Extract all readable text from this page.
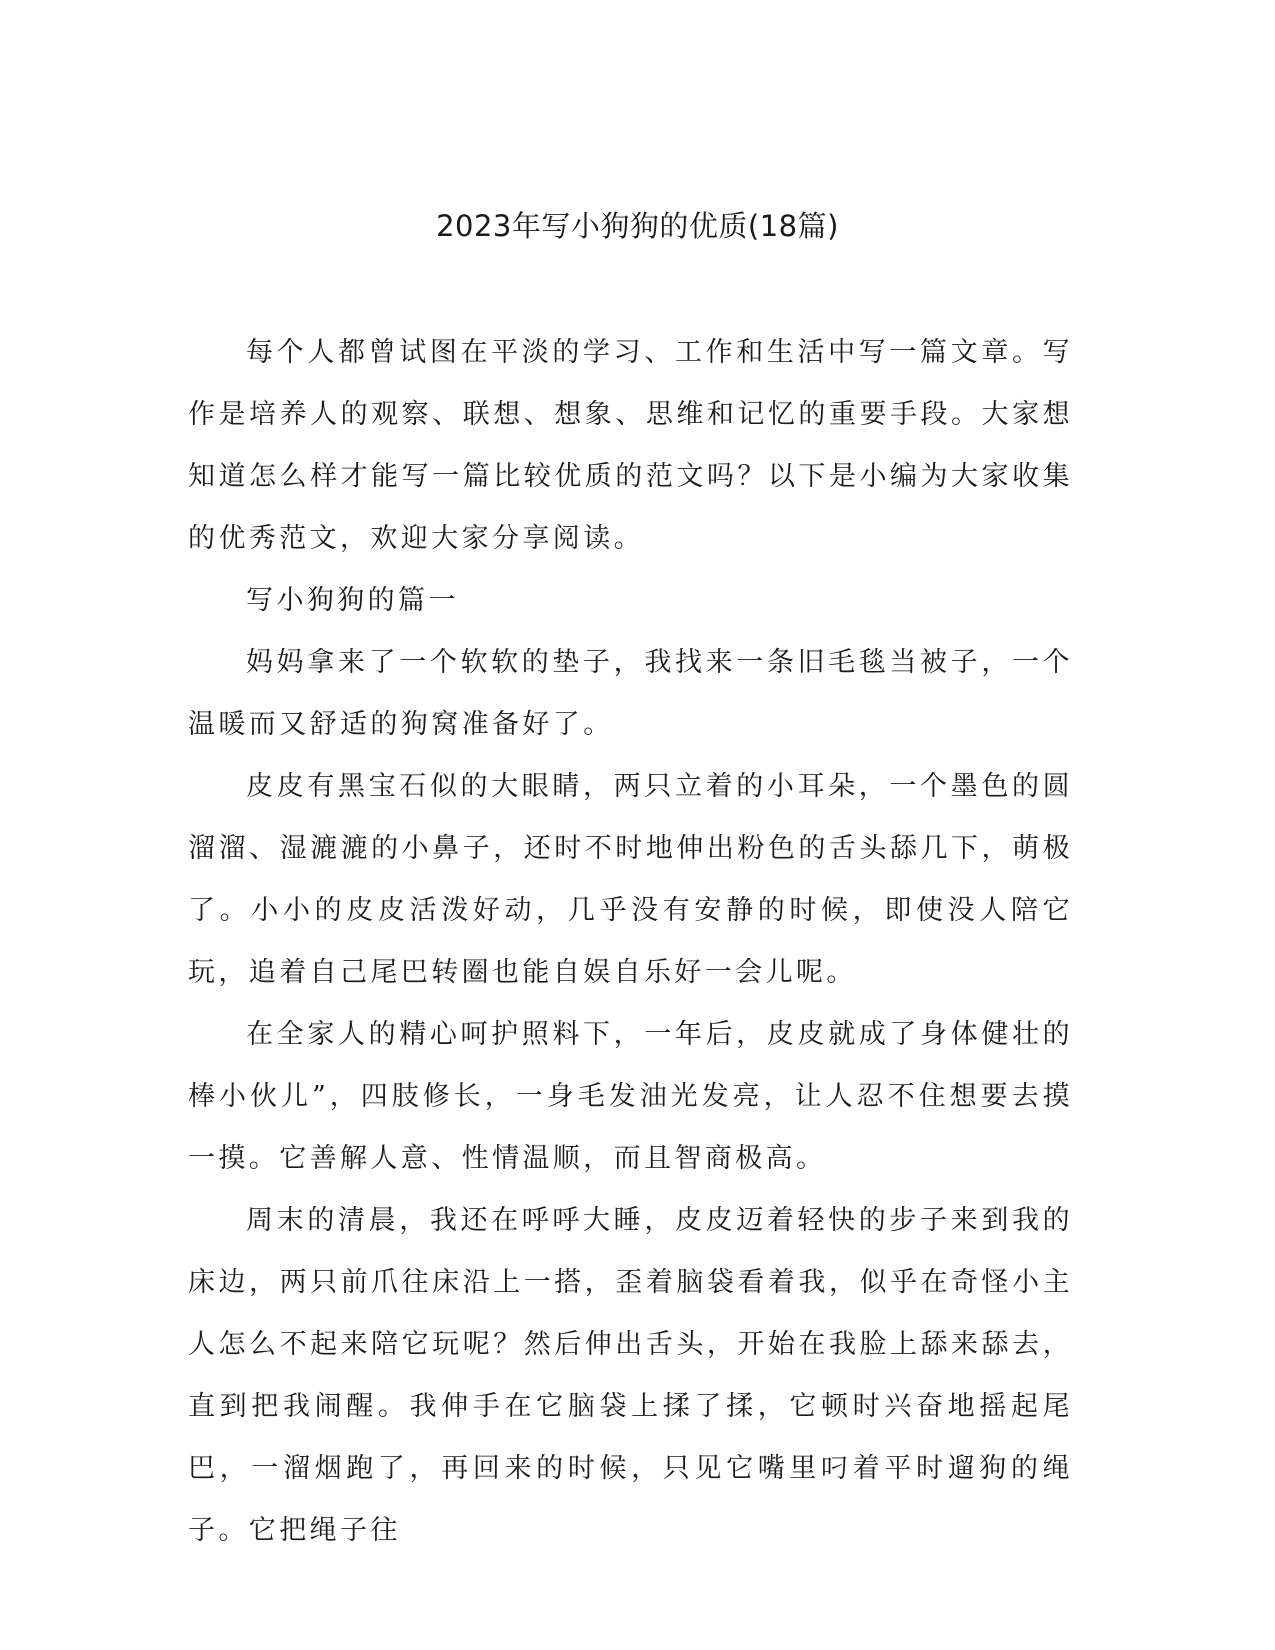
2023年写小狗狗的优质(18篇)

每个人都曾试图在平淡的学习、工作和生活中写一篇文章。写作是培养人的观察、联想、想象、思维和记忆的重要手段。大家想知道怎么样才能写一篇比较优质的范文吗？以下是小编为大家收集的优秀范文，欢迎大家分享阅读。

写小狗狗的篇一

妈妈拿来了一个软软的垫子，我找来一条旧毛毯当被子，一个温暖而又舒适的狗窝准备好了。

皮皮有黑宝石似的大眼睛，两只立着的小耳朵，一个墨色的圆溜溜、湿漉漉的小鼻子，还时不时地伸出粉色的舌头舔几下，萌极了。小小的皮皮活泼好动，几乎没有安静的时候，即使没人陪它玩，追着自己尾巴转圈也能自娱自乐好一会儿呢。

在全家人的精心呵护照料下，一年后，皮皮就成了身体健壮的棒小伙儿”，四肢修长，一身毛发油光发亮，让人忍不住想要去摸一摸。它善解人意、性情温顺，而且智商极高。

周末的清晨，我还在呼呼大睡，皮皮迈着轻快的步子来到我的床边，两只前爪往床沿上一搭，歪着脑袋看着我，似乎在奇怪小主人怎么不起来陪它玩呢？然后伸出舌头，开始在我脸上舔来舔去，直到把我闹醒。我伸手在它脑袋上揉了揉，它顿时兴奋地摇起尾巴，一溜烟跑了，再回来的时候，只见它嘴里叼着平时遛狗的绳子。它把绳子往
